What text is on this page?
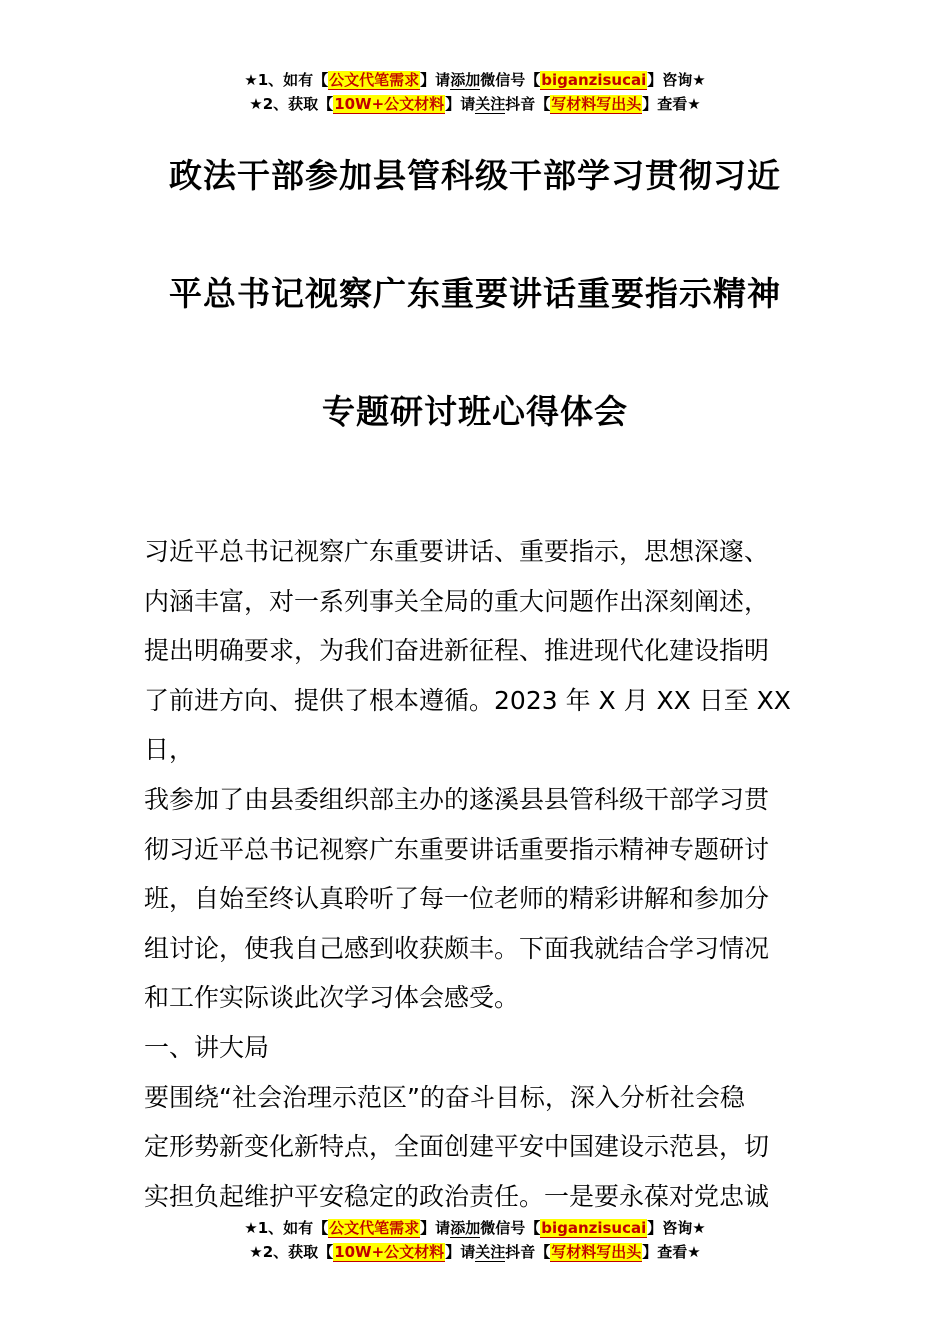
★1、如有【公文代笔需求】请添加微信号【biganzisucai】咨询★
★2、获取【10W+公文材料】请关注抖音【写材料写出头】查看★
政法干部参加县管科级干部学习贯彻习近
平总书记视察广东重要讲话重要指示精神
专题研讨班心得体会

习近平总书记视察广东重要讲话、重要指示，思想深邃、

内涵丰富，对一系列事关全局的重大问题作出深刻阐述，

提出明确要求，为我们奋进新征程、推进现代化建设指明

了前进方向、提供了根本遵循。2023 年 X 月 XX 日至 XX 日，

我参加了由县委组织部主办的遂溪县县管科级干部学习贯

彻习近平总书记视察广东重要讲话重要指示精神专题研讨

班，自始至终认真聆听了每一位老师的精彩讲解和参加分

组讨论，使我自己感到收获颇丰。下面我就结合学习情况

和工作实际谈此次学习体会感受。

一、讲大局

要围绕“社会治理示范区”的奋斗目标，深入分析社会稳

定形势新变化新特点，全面创建平安中国建设示范县，切

实担负起维护平安稳定的政治责任。一是要永葆对党忠诚

★1、如有【公文代笔需求】请添加微信号【biganzisucai】咨询★
★2、获取【10W+公文材料】请关注抖音【写材料写出头】查看★
